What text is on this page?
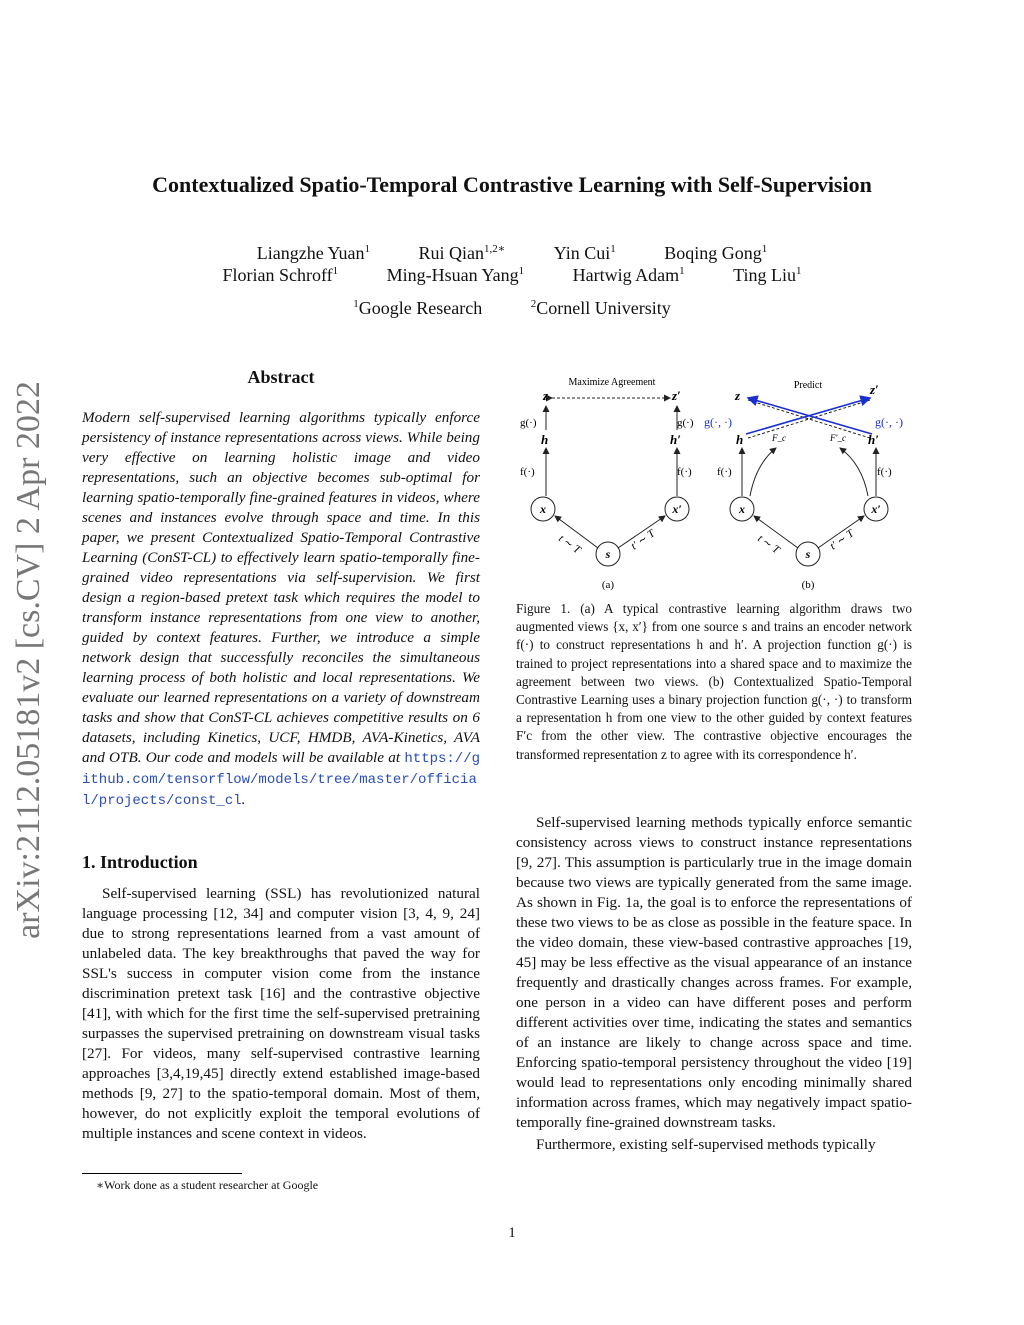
Contextualized Spatio-Temporal Contrastive Learning with Self-Supervision
Liangzhe Yuan$^1$	Rui Qian$^{1,2∗}$	Yin Cui$^1$	Boqing Gong$^1$
Florian Schroff$^1$	Ming-Hsuan Yang$^1$	Hartwig Adam$^1$	Ting Liu$^1$
$^1$Google Research	$^2$Cornell University
arXiv:2112.05181v2 [cs.CV] 2 Apr 2022
Abstract
Modern self-supervised learning algorithms typically enforce persistency of instance representations across views. While being very effective on learning holistic image and video representations, such an objective becomes sub-optimal for learning spatio-temporally fine-grained features in videos, where scenes and instances evolve through space and time. In this paper, we present Contextualized Spatio-Temporal Contrastive Learning (ConST-CL) to effectively learn spatio-temporally fine-grained video representations via self-supervision. We first design a region-based pretext task which requires the model to transform instance representations from one view to another, guided by context features. Further, we introduce a simple network design that successfully reconciles the simultaneous learning process of both holistic and local representations. We evaluate our learned representations on a variety of downstream tasks and show that ConST-CL achieves competitive results on 6 datasets, including Kinetics, UCF, HMDB, AVA-Kinetics, AVA and OTB. Our code and models will be available at https://github.com/tensorflow/models/tree/master/official/projects/const_cl.
1. Introduction
Self-supervised learning (SSL) has revolutionized natural language processing [12, 34] and computer vision [3, 4, 9, 24] due to strong representations learned from a vast amount of unlabeled data. The key breakthroughs that paved the way for SSL's success in computer vision come from the instance discrimination pretext task [16] and the contrastive objective [41], with which for the first time the self-supervised pretraining surpasses the supervised pretraining on downstream visual tasks [27]. For videos, many self-supervised contrastive learning approaches [3,4,19,45] directly extend established image-based methods [9, 27] to the spatio-temporal domain. Most of them, however, do not explicitly exploit the temporal evolutions of multiple instances and scene context in videos.
∗Work done as a student researcher at Google
Maximize Agreement
z	z′
g(·)	g(·)
h	h′
f(·)	f(·)
x	x′
s
t ∼ T	t′ ∼ T
(a)
Predict
z	z′
g(·, ·)	g(·, ·)
h	h′
F_c	F′_c
f(·)	f(·)
x	x′
s
t ∼ T	t′ ∼ T
(b)
Figure 1. (a) A typical contrastive learning algorithm draws two augmented views {x, x′} from one source s and trains an encoder network f(·) to construct representations h and h′. A projection function g(·) is trained to project representations into a shared space and to maximize the agreement between two views. (b) Contextualized Spatio-Temporal Contrastive Learning uses a binary projection function g(·, ·) to transform a representation h from one view to the other guided by context features F′c from the other view. The contrastive objective encourages the transformed representation z to agree with its correspondence h′.

Self-supervised learning methods typically enforce semantic consistency across views to construct instance representations [9, 27]. This assumption is particularly true in the image domain because two views are typically generated from the same image. As shown in Fig. 1a, the goal is to enforce the representations of these two views to be as close as possible in the feature space. In the video domain, these view-based contrastive approaches [19, 45] may be less effective as the visual appearance of an instance frequently and drastically changes across frames. For example, one person in a video can have different poses and perform different activities over time, indicating the states and semantics of an instance are likely to change across space and time. Enforcing spatio-temporal persistency throughout the video [19] would lead to representations only encoding minimally shared information across frames, which may negatively impact spatio-temporally fine-grained downstream tasks.

Furthermore, existing self-supervised methods typically

1
